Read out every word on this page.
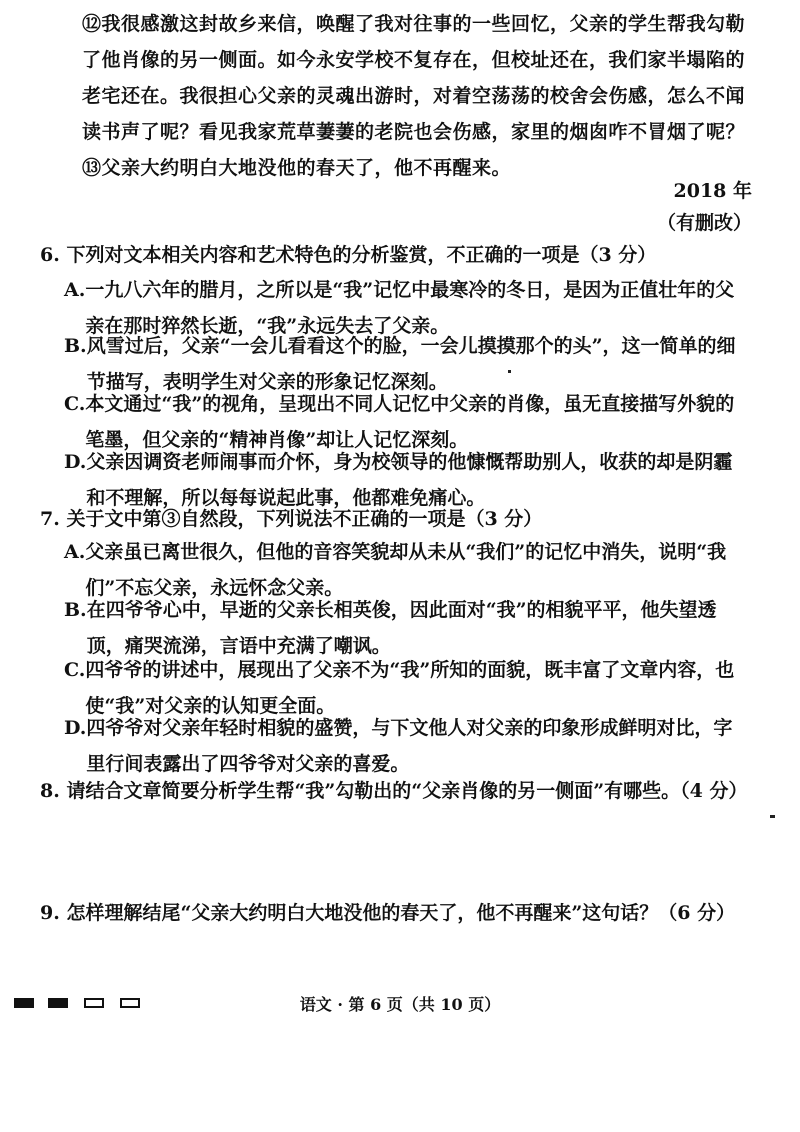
⑫我很感激这封故乡来信，唤醒了我对往事的一些回忆，父亲的学生帮我勾勒了他肖像的另一侧面。如今永安学校不复存在，但校址还在，我们家半塌陷的老宅还在。我很担心父亲的灵魂出游时，对着空荡荡的校舍会伤感，怎么不闻读书声了呢？看见我家荒草萋萋的老院也会伤感，家里的烟囱咋不冒烟了呢？
⑬父亲大约明白大地没他的春天了，他不再醒来。
2018 年
（有删改）
6. 下列对文本相关内容和艺术特色的分析鉴赏，不正确的一项是（3 分）
A. 一九八六年的腊月，之所以是“我”记忆中最寒冷的冬日，是因为正值壮年的父亲在那时猝然长逝，“我”永远失去了父亲。
B. 风雪过后，父亲“一会儿看看这个的脸，一会儿摸摸那个的头”，这一简单的细节描写，表明学生对父亲的形象记忆深刻。
C. 本文通过“我”的视角，呈现出不同人记忆中父亲的肖像，虽无直接描写外貌的笔墨，但父亲的“精神肖像”却让人记忆深刻。
D. 父亲因调资老师闹事而介怀，身为校领导的他慷慨帮助别人，收获的却是阴霾和不理解，所以每每说起此事，他都难免痛心。
7. 关于文中第③自然段，下列说法不正确的一项是（3 分）
A. 父亲虽已离世很久，但他的音容笑貌却从未从“我们”的记忆中消失，说明“我们”不忘父亲，永远怀念父亲。
B. 在四爷爷心中，早逝的父亲长相英俊，因此面对“我”的相貌平平，他失望透顶，痛哭流涕，言语中充满了嘲讽。
C. 四爷爷的讲述中，展现出了父亲不为“我”所知的面貌，既丰富了文章内容，也使“我”对父亲的认知更全面。
D. 四爷爷对父亲年轻时相貌的盛赞，与下文他人对父亲的印象形成鲜明对比，字里行间表露出了四爷爷对父亲的喜爱。
8. 请结合文章简要分析学生帮“我”勾勒出的“父亲肖像的另一侧面”有哪些。（4 分）
9. 怎样理解结尾“父亲大约明白大地没他的春天了，他不再醒来”这句话？（6 分）
语文 · 第 6 页（共 10 页）
